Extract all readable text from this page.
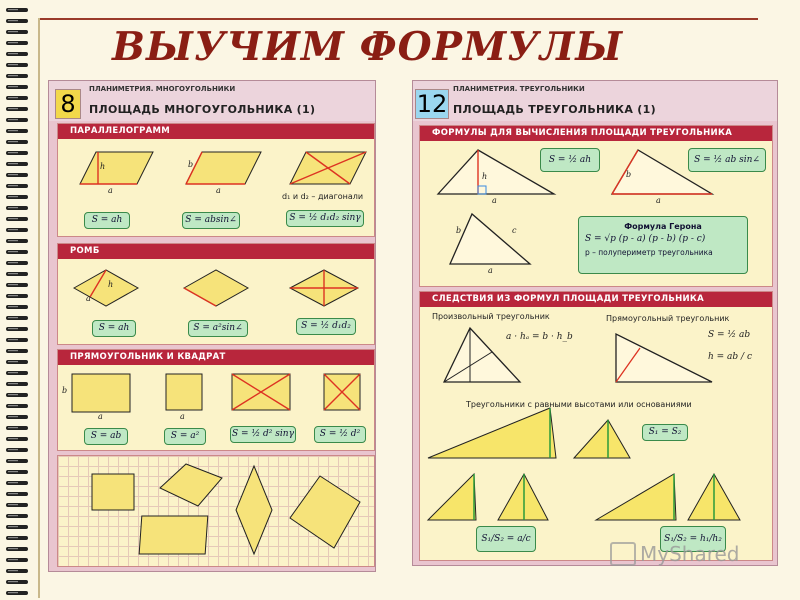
ВЫУЧИМ ФОРМУЛЫ
8
ПЛАНИМЕТРИЯ. МНОГОУГОЛЬНИКИ
ПЛОЩАДЬ МНОГОУГОЛЬНИКА (1)
ПАРАЛЛЕЛОГРАММ
h
a
b
a
d₁ и d₂ – диагонали
S = ah	S = absin∠	S = ½ d₁d₂ sinγ
РОМБ
h
a
S = ah	S = a²sin∠	S = ½ d₁d₂
ПРЯМОУГОЛЬНИК И КВАДРАТ
b
a	a
S = ab	S = a²	S = ½ d² sinγ	S = ½ d²
12
ПЛАНИМЕТРИЯ. ТРЕУГОЛЬНИКИ
ПЛОЩАДЬ ТРЕУГОЛЬНИКА (1)
ФОРМУЛЫ ДЛЯ ВЫЧИСЛЕНИЯ ПЛОЩАДИ ТРЕУГОЛЬНИКА
h
a
b
a
b	c
a
S = ½ ah	S = ½ ab sin∠
Формула Герона
S = √p (p - a) (p - b) (p - c)
p – полупериметр треугольника
СЛЕДСТВИЯ ИЗ ФОРМУЛ ПЛОЩАДИ ТРЕУГОЛЬНИКА
Произвольный треугольник	Прямоугольный треугольник
a · hₐ = b · h_b	S = ½ ab
h = ab / c
Треугольники с равными высотами или основаниями
S₁ = S₂
S₁/S₂ = a/c	S₁/S₂ = h₁/h₂
MyShared
